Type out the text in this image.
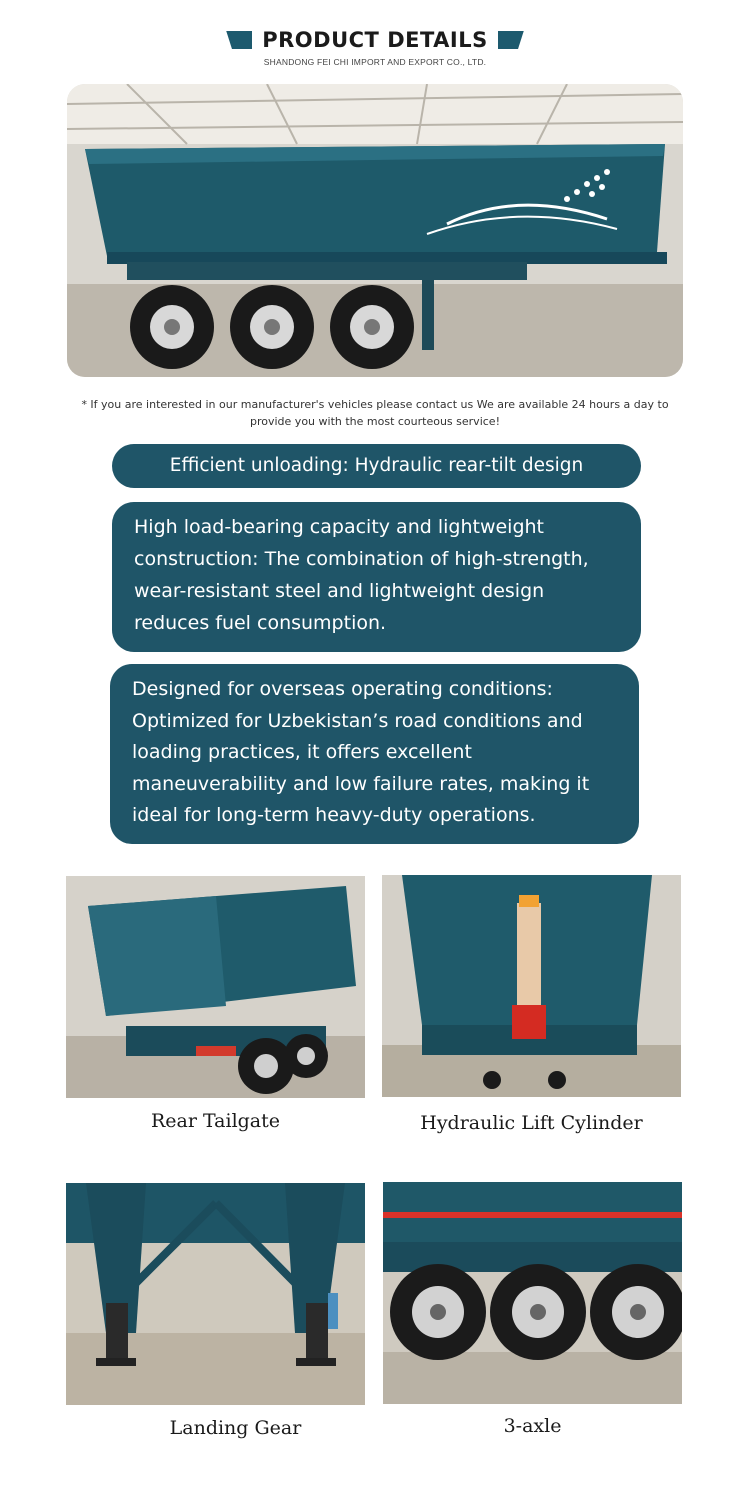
PRODUCT DETAILS
SHANDONG FEI CHI IMPORT AND EXPORT CO., LTD.
* If you are interested in our manufacturer's vehicles please contact us We are available 24 hours a day to provide you with the most courteous service!
Efficient unloading: Hydraulic rear-tilt design
High load-bearing capacity and lightweight construction: The combination of high-strength, wear-resistant steel and lightweight design reduces fuel consumption.
Designed for overseas operating conditions: Optimized for Uzbekistan’s road conditions and loading practices, it offers excellent maneuverability and low failure rates, making it ideal for long-term heavy-duty operations.
Rear Tailgate	Hydraulic Lift Cylinder
Landing Gear	3-axle
